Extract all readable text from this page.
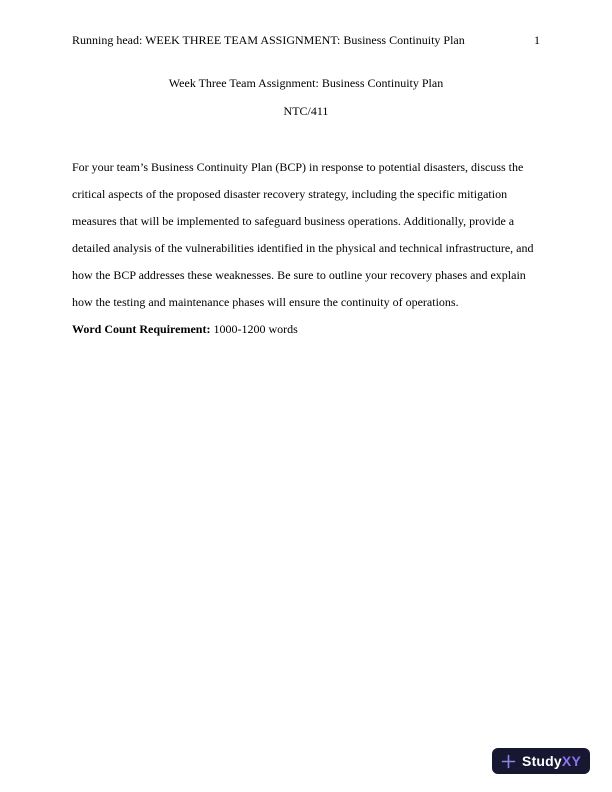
Running head: WEEK THREE TEAM ASSIGNMENT: Business Continuity Plan	1
Week Three Team Assignment: Business Continuity Plan
NTC/411
For your team’s Business Continuity Plan (BCP) in response to potential disasters, discuss the
critical aspects of the proposed disaster recovery strategy, including the specific mitigation
measures that will be implemented to safeguard business operations. Additionally, provide a
detailed analysis of the vulnerabilities identified in the physical and technical infrastructure, and
how the BCP addresses these weaknesses. Be sure to outline your recovery phases and explain
how the testing and maintenance phases will ensure the continuity of operations.
Word Count Requirement: 1000-1200 words
StudyXY
